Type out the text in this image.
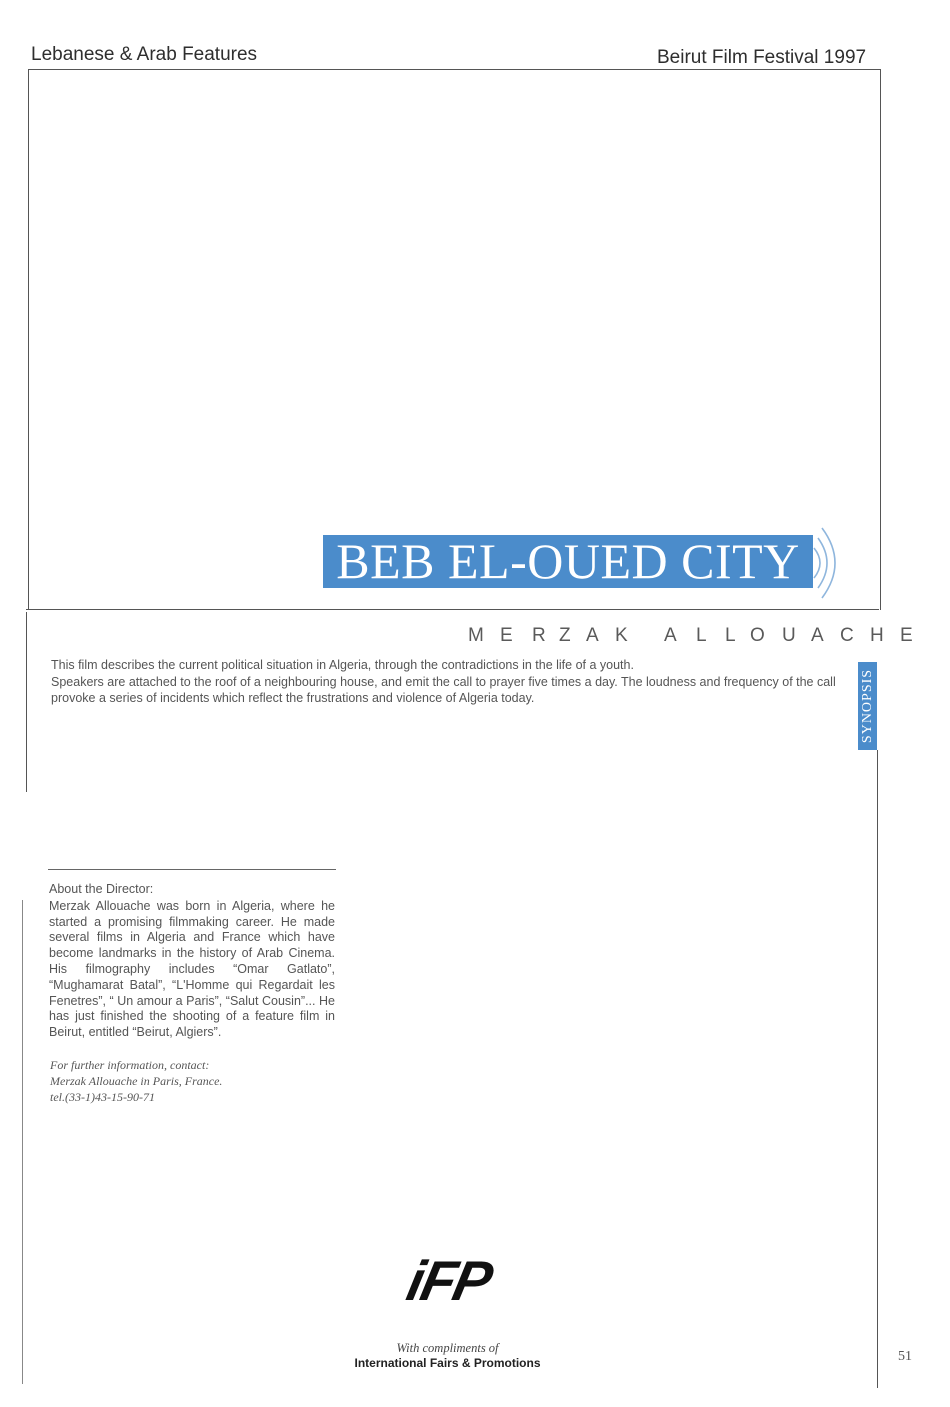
Lebanese & Arab Features	Beirut Film Festival 1997
BEB EL-OUED CITY
M E R Z A K A L L O U A C H E

This film describes the current political situation in Algeria, through the contradictions in the life of a youth.

Speakers are attached to the roof of a neighbouring house, and emit the call to prayer five times a day. The loudness and frequency of the call provoke a series of incidents which reflect the frustrations and violence of Algeria today.	SYNOPSIS

About the Director:

Merzak Allouache was born in Algeria, where he started a promising filmmaking career. He made several films in Algeria and France which have become landmarks in the history of Arab Cinema. His filmography includes “Omar Gatlato”, “Mughamarat Batal”, “L'Homme qui Regardait les Fenetres”, “ Un amour a Paris”, “Salut Cousin”... He has just finished the shooting of a feature film in Beirut, entitled “Beirut, Algiers”.

For further information, contact:
Merzak Allouache in Paris, France.
tel.(33-1)43-15-90-71
iFP
With compliments of
International Fairs & Promotions	51
